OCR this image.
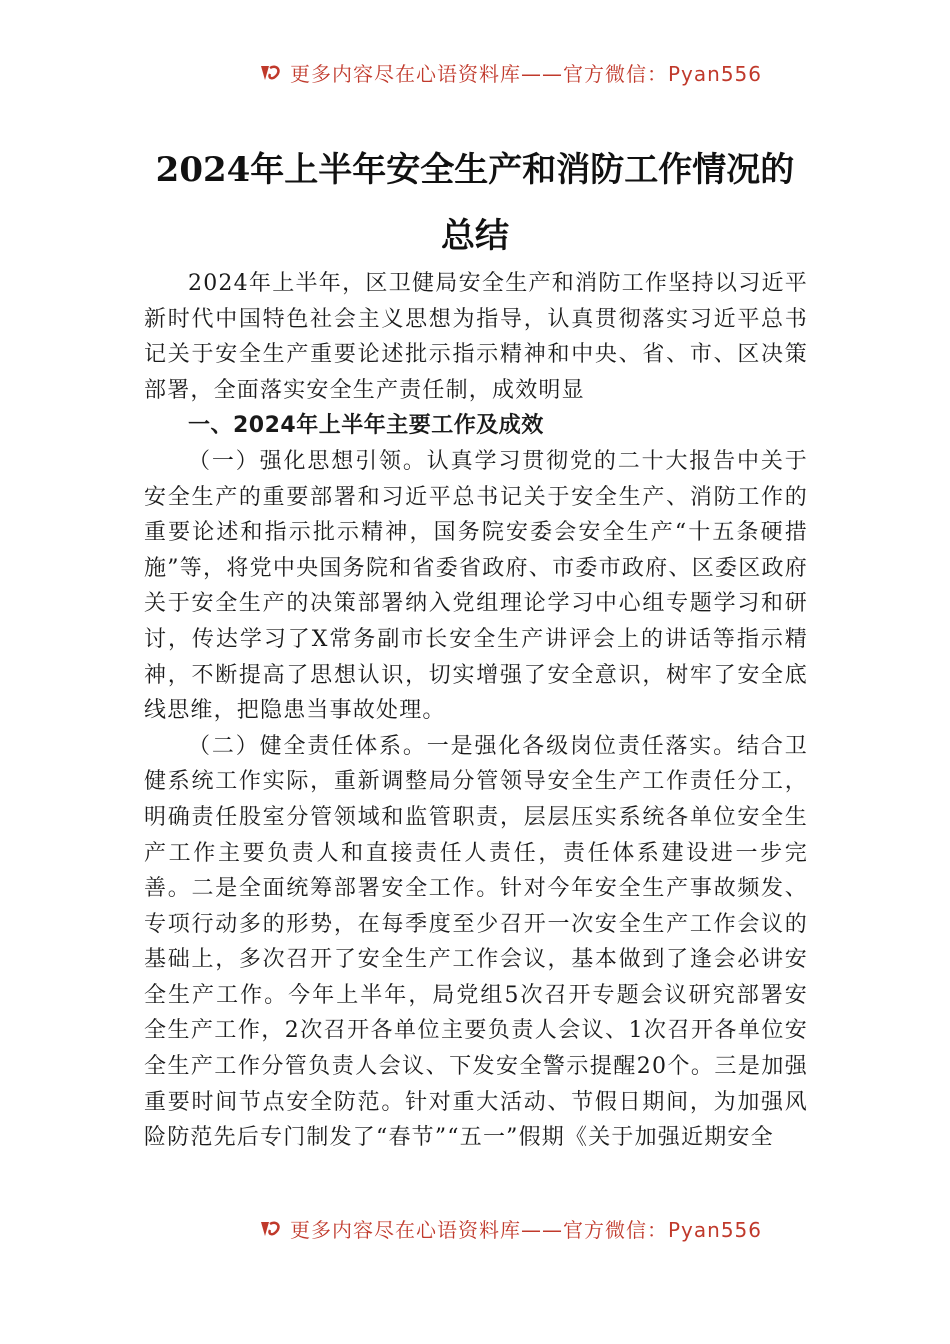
更多内容尽在心语资料库——官方微信：Pyan556
2024年上半年安全生产和消防工作情况的
总结

2024年上半年，区卫健局安全生产和消防工作坚持以习近平新时代中国特色社会主义思想为指导，认真贯彻落实习近平总书记关于安全生产重要论述批示指示精神和中央、省、市、区决策部署，全面落实安全生产责任制，成效明显

一、2024年上半年主要工作及成效

（一）强化思想引领。认真学习贯彻党的二十大报告中关于安全生产的重要部署和习近平总书记关于安全生产、消防工作的重要论述和指示批示精神，国务院安委会安全生产“十五条硬措施”等，将党中央国务院和省委省政府、市委市政府、区委区政府关于安全生产的决策部署纳入党组理论学习中心组专题学习和研讨，传达学习了X常务副市长安全生产讲评会上的讲话等指示精神，不断提高了思想认识，切实增强了安全意识，树牢了安全底线思维，把隐患当事故处理。

（二）健全责任体系。一是强化各级岗位责任落实。结合卫健系统工作实际，重新调整局分管领导安全生产工作责任分工，明确责任股室分管领域和监管职责，层层压实系统各单位安全生产工作主要负责人和直接责任人责任，责任体系建设进一步完善。二是全面统筹部署安全工作。针对今年安全生产事故频发、专项行动多的形势，在每季度至少召开一次安全生产工作会议的基础上，多次召开了安全生产工作会议，基本做到了逢会必讲安全生产工作。今年上半年，局党组5次召开专题会议研究部署安全生产工作，2次召开各单位主要负责人会议、1次召开各单位安全生产工作分管负责人会议、下发安全警示提醒20个。三是加强重要时间节点安全防范。针对重大活动、节假日期间，为加强风险防范先后专门制发了“春节”“五一”假期《关于加强近期安全

更多内容尽在心语资料库——官方微信：Pyan556
